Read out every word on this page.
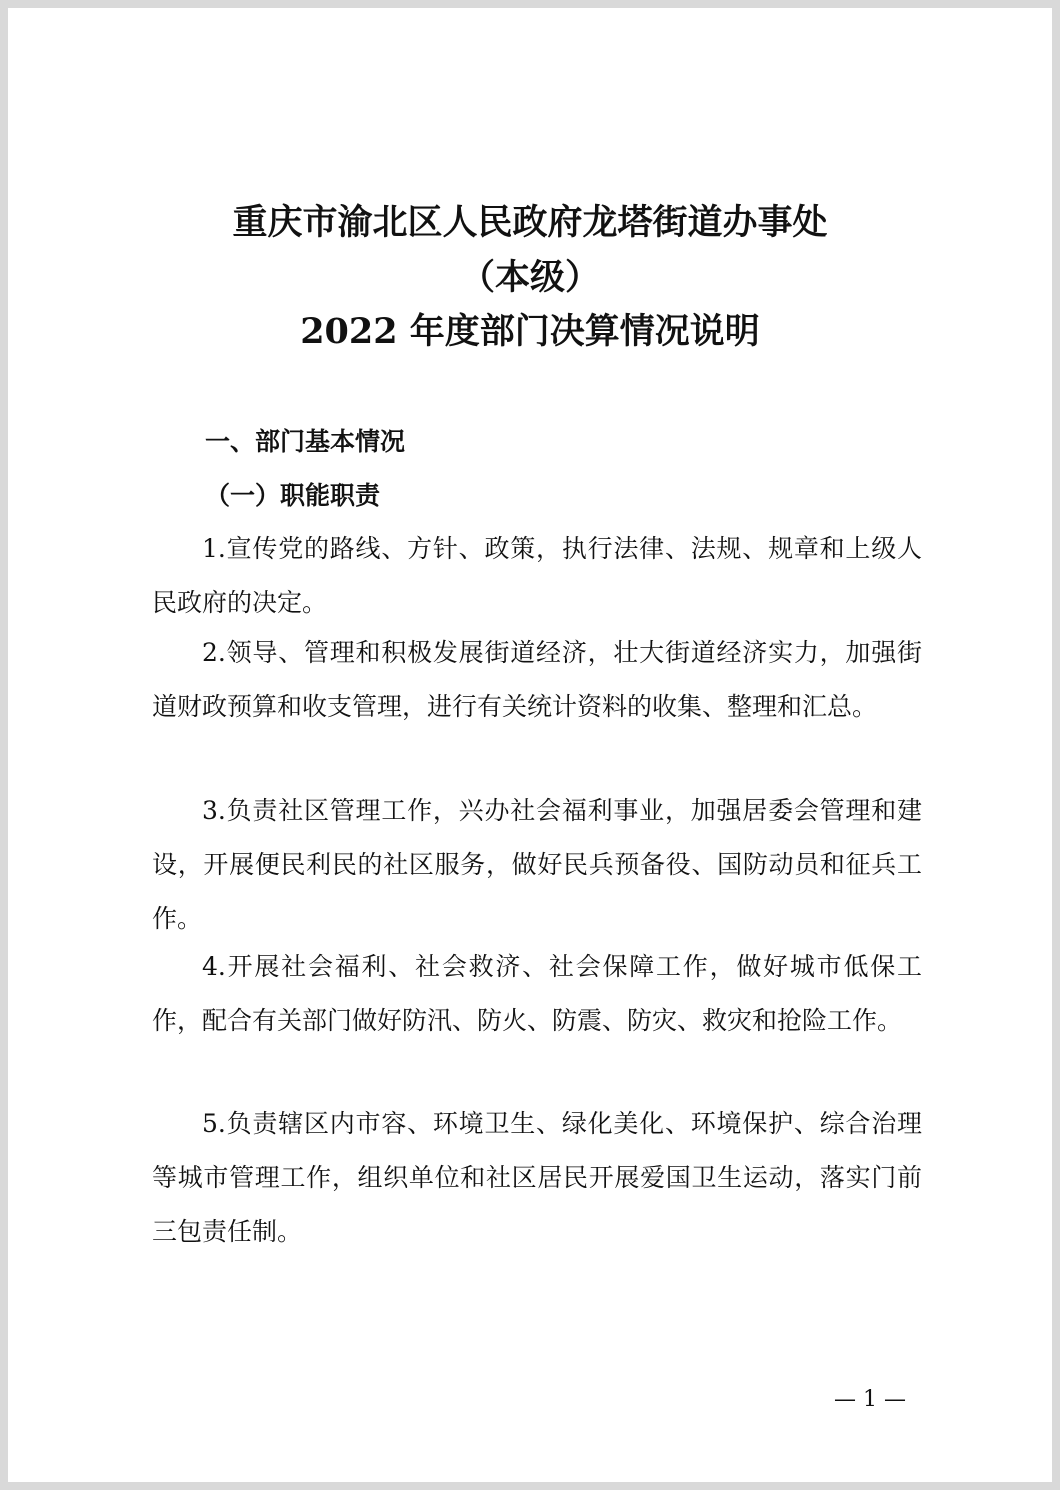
重庆市渝北区人民政府龙塔街道办事处
（本级）
2022 年度部门决算情况说明
一、部门基本情况
（一）职能职责

1.宣传党的路线、方针、政策，执行法律、法规、规章和上级人民政府的决定。

2.领导、管理和积极发展街道经济，壮大街道经济实力，加强街道财政预算和收支管理，进行有关统计资料的收集、整理和汇总。

3.负责社区管理工作，兴办社会福利事业，加强居委会管理和建设，开展便民利民的社区服务，做好民兵预备役、国防动员和征兵工作。

4.开展社会福利、社会救济、社会保障工作，做好城市低保工作，配合有关部门做好防汛、防火、防震、防灾、救灾和抢险工作。

5.负责辖区内市容、环境卫生、绿化美化、环境保护、综合治理等城市管理工作，组织单位和社区居民开展爱国卫生运动，落实门前三包责任制。

— 1 —
